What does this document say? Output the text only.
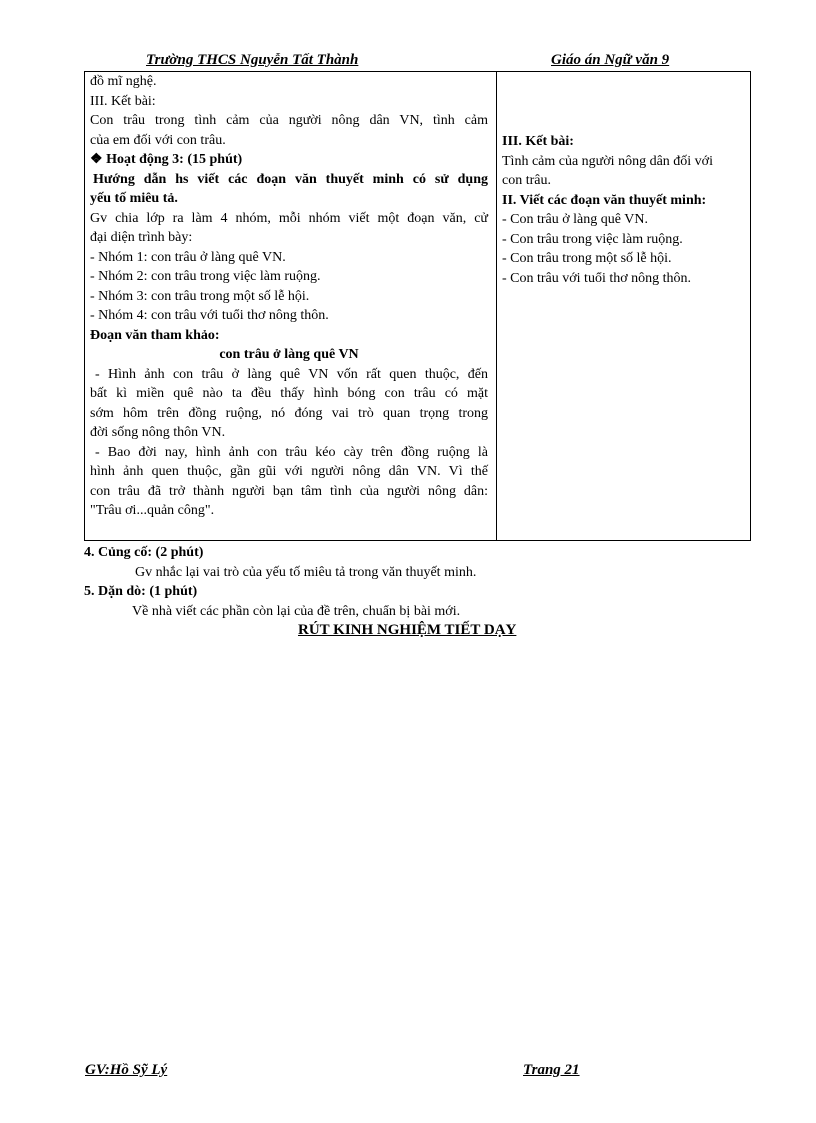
Trường THCS Nguyễn Tất Thành	Giáo án Ngữ văn 9
đồ mĩ nghệ.
III. Kết bài:
Con trâu trong tình cảm của người nông dân VN, tình cảm
của em đối với con trâu.
❖ Hoạt động 3: (15 phút)
Hướng dẫn hs viết các đoạn văn thuyết minh có sử dụng
yếu tố miêu tả.
Gv chia lớp ra làm 4 nhóm, mỗi nhóm viết một đoạn văn, cử
đại diện trình bày:
- Nhóm 1: con trâu ở làng quê VN.
- Nhóm 2: con trâu trong việc làm ruộng.
- Nhóm 3: con trâu trong một số lễ hội.
- Nhóm 4: con trâu với tuổi thơ nông thôn.
Đoạn văn tham khảo:
con trâu ở làng quê VN
- Hình ảnh con trâu ở làng quê VN vốn rất quen thuộc, đến
bất kì miền quê nào ta đều thấy hình bóng con trâu có mặt
sớm hôm trên đồng ruộng, nó đóng vai trò quan trọng trong
đời sống nông thôn VN.
- Bao đời nay, hình ảnh con trâu kéo cày trên đồng ruộng là
hình ảnh quen thuộc, gần gũi với người nông dân VN. Vì thế
con trâu đã trở thành người bạn tâm tình của người nông dân:
"Trâu ơi...quản công".
III. Kết bài:
Tình cảm của người nông dân đối với
con trâu.
II. Viết các đoạn văn thuyết minh:
- Con trâu ở làng quê VN.
- Con trâu trong việc làm ruộng.
- Con trâu trong một số lễ hội.
- Con trâu với tuổi thơ nông thôn.
4. Củng cố: (2 phút)
Gv nhắc lại vai trò của yếu tố miêu tả trong văn thuyết minh.
5. Dặn dò: (1 phút)
Về nhà viết các phần còn lại của đề trên, chuẩn bị bài mới.
RÚT KINH NGHIỆM TIẾT DẠY
GV:Hồ Sỹ Lý	Trang 21
